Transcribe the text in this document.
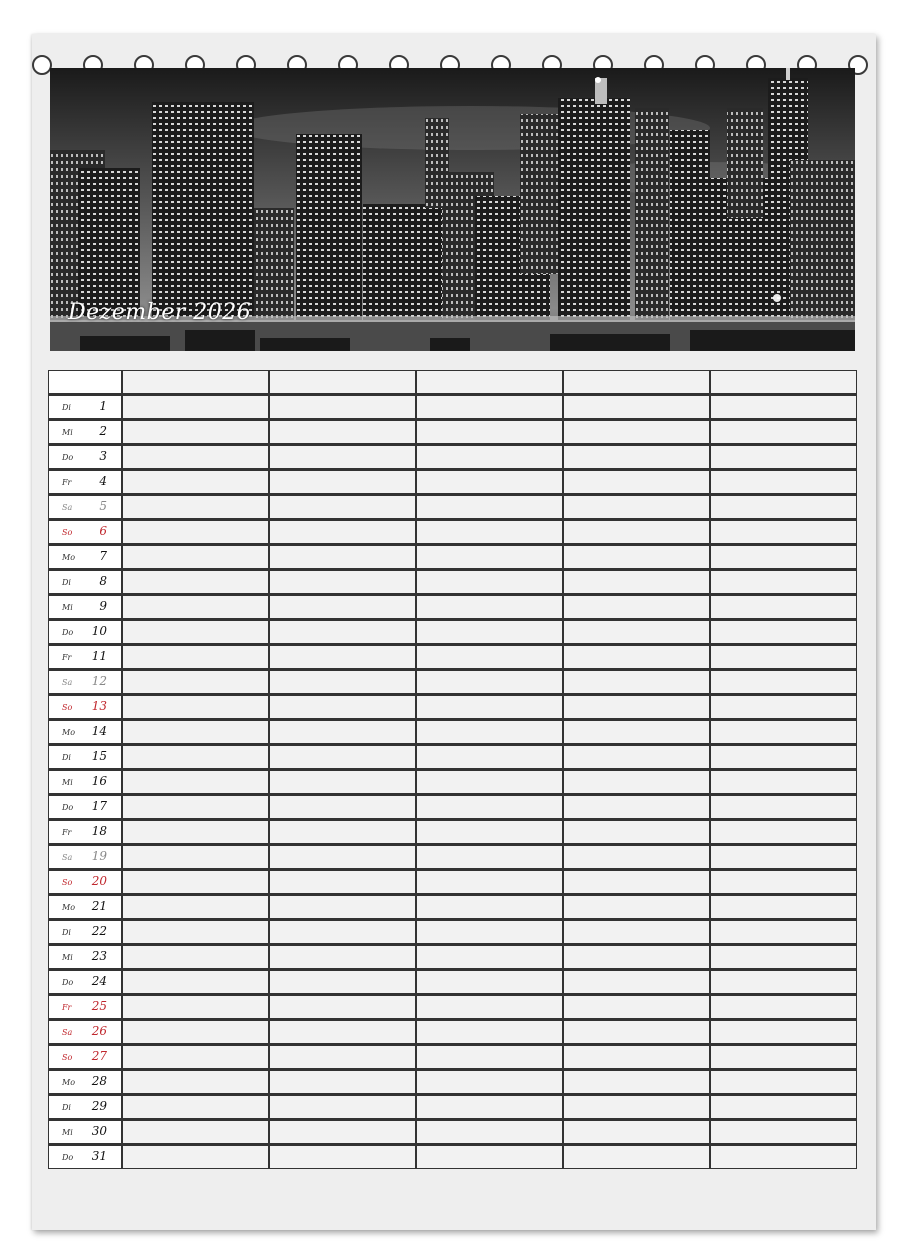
Dezember 2026

Di 1					

Mi 2					

Do 3					

Fr 4					

Sa 5					

So 6					

Mo 7					

Di 8					

Mi 9					

Do 10					

Fr 11					

Sa 12					

So 13					

Mo 14					

Di 15					

Mi 16					

Do 17					

Fr 18					

Sa 19					

So 20					

Mo 21					

Di 22					

Mi 23					

Do 24					

Fr 25					

Sa 26					

So 27					

Mo 28					

Di 29					

Mi 30					

Do 31					
